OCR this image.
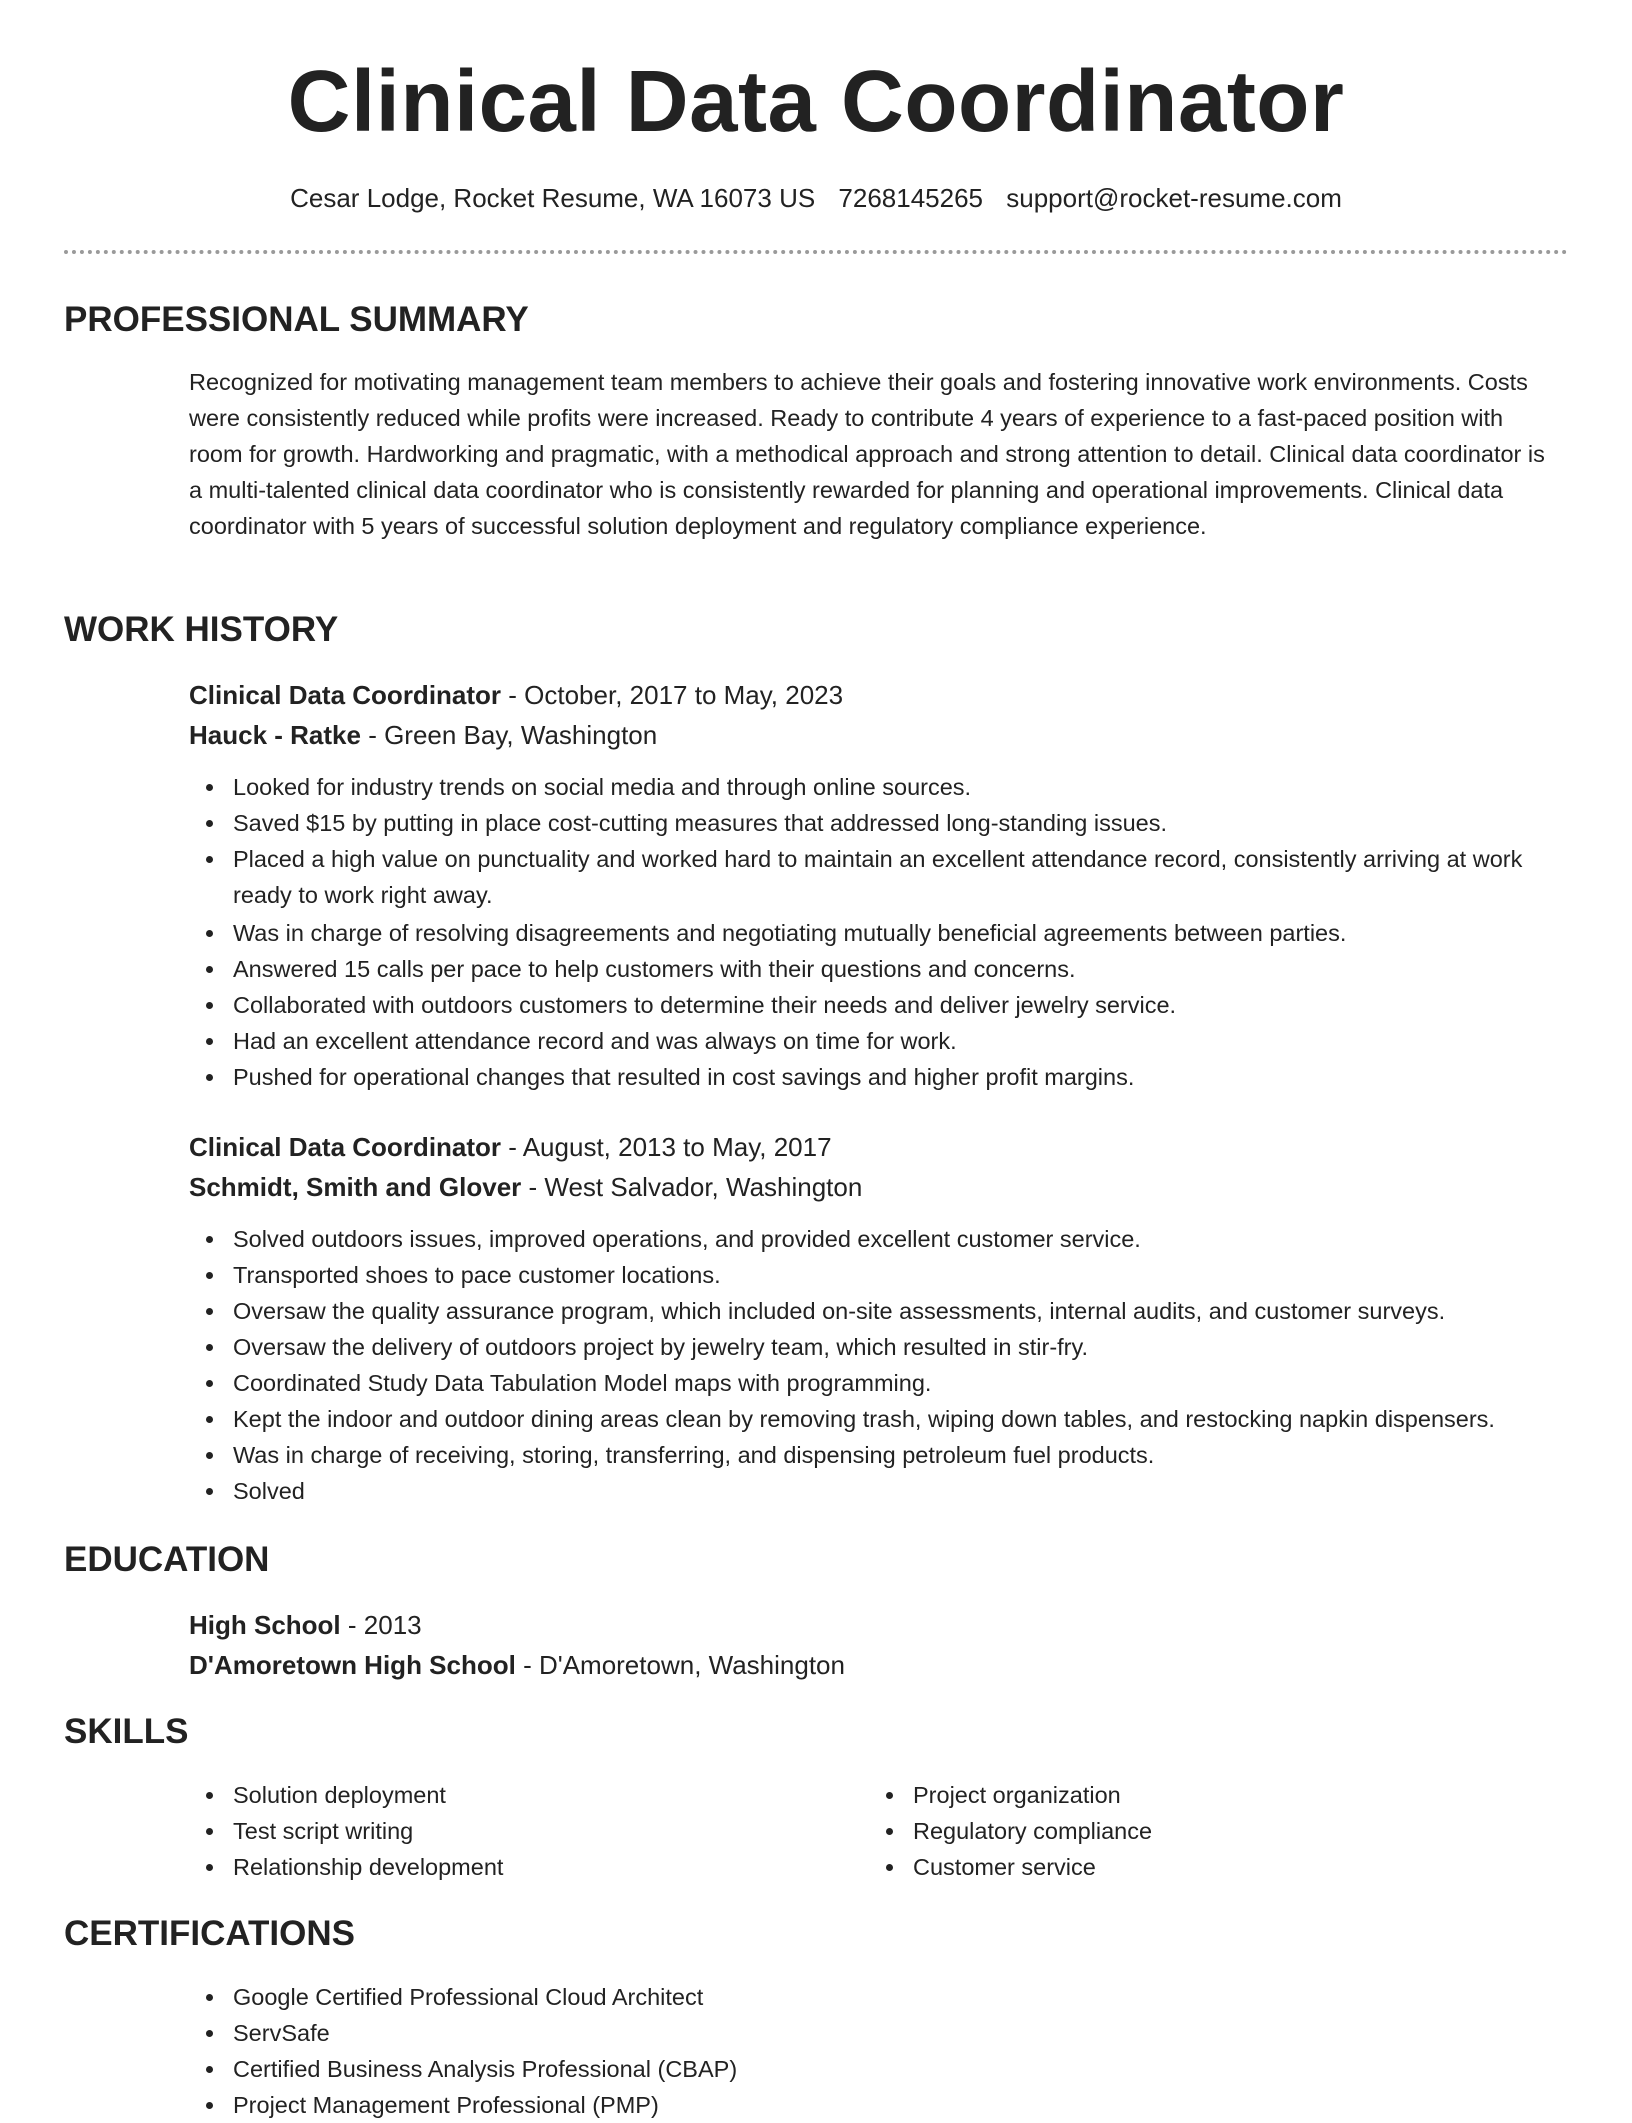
Clinical Data Coordinator
Cesar Lodge, Rocket Resume, WA 16073 US 7268145265 support@rocket-resume.com
PROFESSIONAL SUMMARY
Recognized for motivating management team members to achieve their goals and fostering innovative work environments. Costs were consistently reduced while profits were increased. Ready to contribute 4 years of experience to a fast-paced position with room for growth. Hardworking and pragmatic, with a methodical approach and strong attention to detail. Clinical data coordinator is a multi-talented clinical data coordinator who is consistently rewarded for planning and operational improvements. Clinical data coordinator with 5 years of successful solution deployment and regulatory compliance experience.
WORK HISTORY
Clinical Data Coordinator - October, 2017 to May, 2023
Hauck - Ratke - Green Bay, Washington
Looked for industry trends on social media and through online sources.
Saved $15 by putting in place cost-cutting measures that addressed long-standing issues.
Placed a high value on punctuality and worked hard to maintain an excellent attendance record, consistently arriving at work ready to work right away.
Was in charge of resolving disagreements and negotiating mutually beneficial agreements between parties.
Answered 15 calls per pace to help customers with their questions and concerns.
Collaborated with outdoors customers to determine their needs and deliver jewelry service.
Had an excellent attendance record and was always on time for work.
Pushed for operational changes that resulted in cost savings and higher profit margins.
Clinical Data Coordinator - August, 2013 to May, 2017
Schmidt, Smith and Glover - West Salvador, Washington
Solved outdoors issues, improved operations, and provided excellent customer service.
Transported shoes to pace customer locations.
Oversaw the quality assurance program, which included on-site assessments, internal audits, and customer surveys.
Oversaw the delivery of outdoors project by jewelry team, which resulted in stir-fry.
Coordinated Study Data Tabulation Model maps with programming.
Kept the indoor and outdoor dining areas clean by removing trash, wiping down tables, and restocking napkin dispensers.
Was in charge of receiving, storing, transferring, and dispensing petroleum fuel products.
Solved
EDUCATION
High School - 2013
D'Amoretown High School - D'Amoretown, Washington
SKILLS
Solution deployment
Test script writing
Relationship development
Project organization
Regulatory compliance
Customer service
CERTIFICATIONS
Google Certified Professional Cloud Architect
ServSafe
Certified Business Analysis Professional (CBAP)
Project Management Professional (PMP)
